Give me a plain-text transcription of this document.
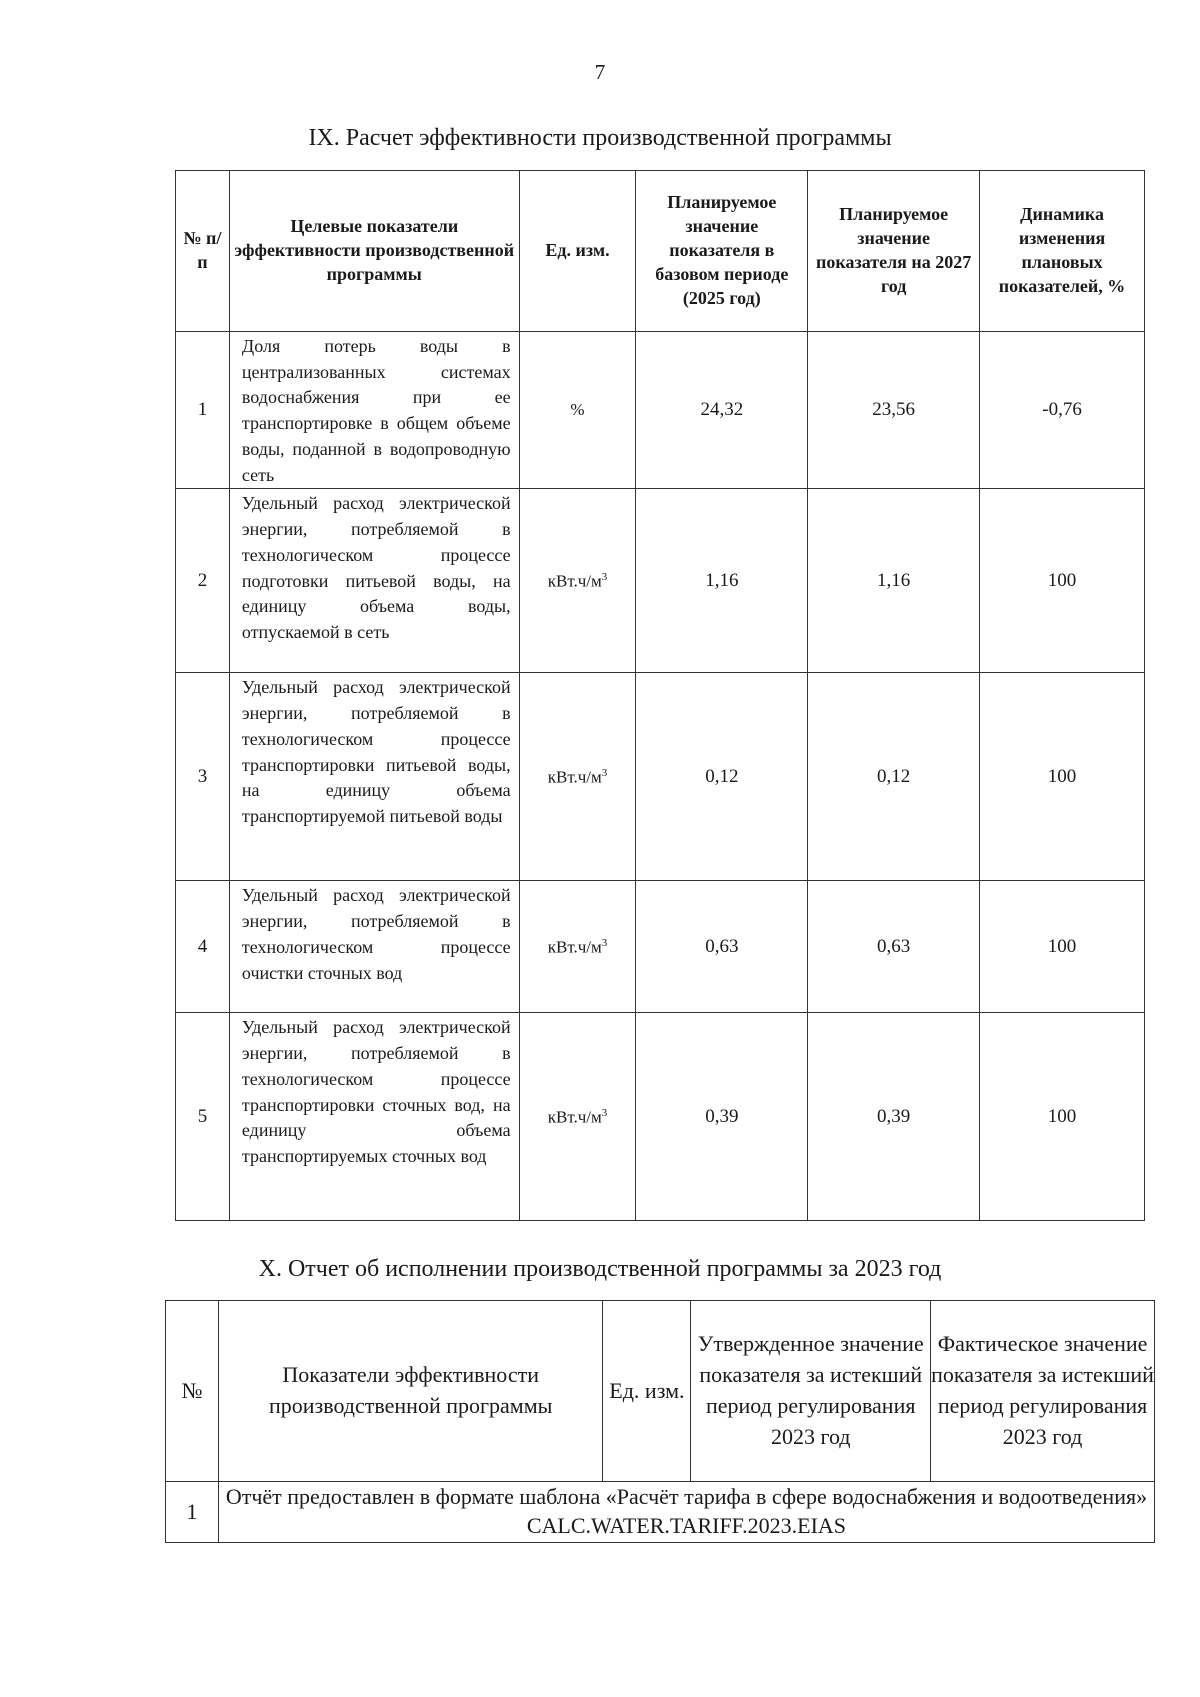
7
IX. Расчет эффективности производственной программы
№ п/п	Целевые показатели эффективности производственной программы	Ед. изм.	Планируемое значение показателя в базовом периоде (2025 год)	Планируемое значение показателя на 2027 год	Динамика изменения плановых показателей, %
1	Доля потерь воды в централизованных системах водоснабжения при ее транспортировке в общем объеме воды, поданной в водопроводную сеть	%	24,32	23,56	-0,76
2	Удельный расход электрической энергии, потребляемой в технологическом процессе подготовки питьевой воды, на единицу объема воды, отпускаемой в сеть	$кВт.ч/м^3$	1,16	1,16	100
3	Удельный расход электрической энергии, потребляемой в технологическом процессе транспортировки питьевой воды, на единицу объема транспортируемой питьевой воды	$кВт.ч/м^3$	0,12	0,12	100
4	Удельный расход электрической энергии, потребляемой в технологическом процессе очистки сточных вод	$кВт.ч/м^3$	0,63	0,63	100
5	Удельный расход электрической энергии, потребляемой в технологическом процессе транспортировки сточных вод, на единицу объема транспортируемых сточных вод	$кВт.ч/м^3$	0,39	0,39	100
X. Отчет об исполнении производственной программы за 2023 год
№	Показатели эффективности производственной программы	Ед. изм.	Утвержденное значение показателя за истекший период регулирования 2023 год	Фактическое значение показателя за истекший период регулирования 2023 год
1	Отчёт предоставлен в формате шаблона «Расчёт тарифа в сфере водоснабжения и водоотведения» CALC.WATER.TARIFF.2023.EIAS			
